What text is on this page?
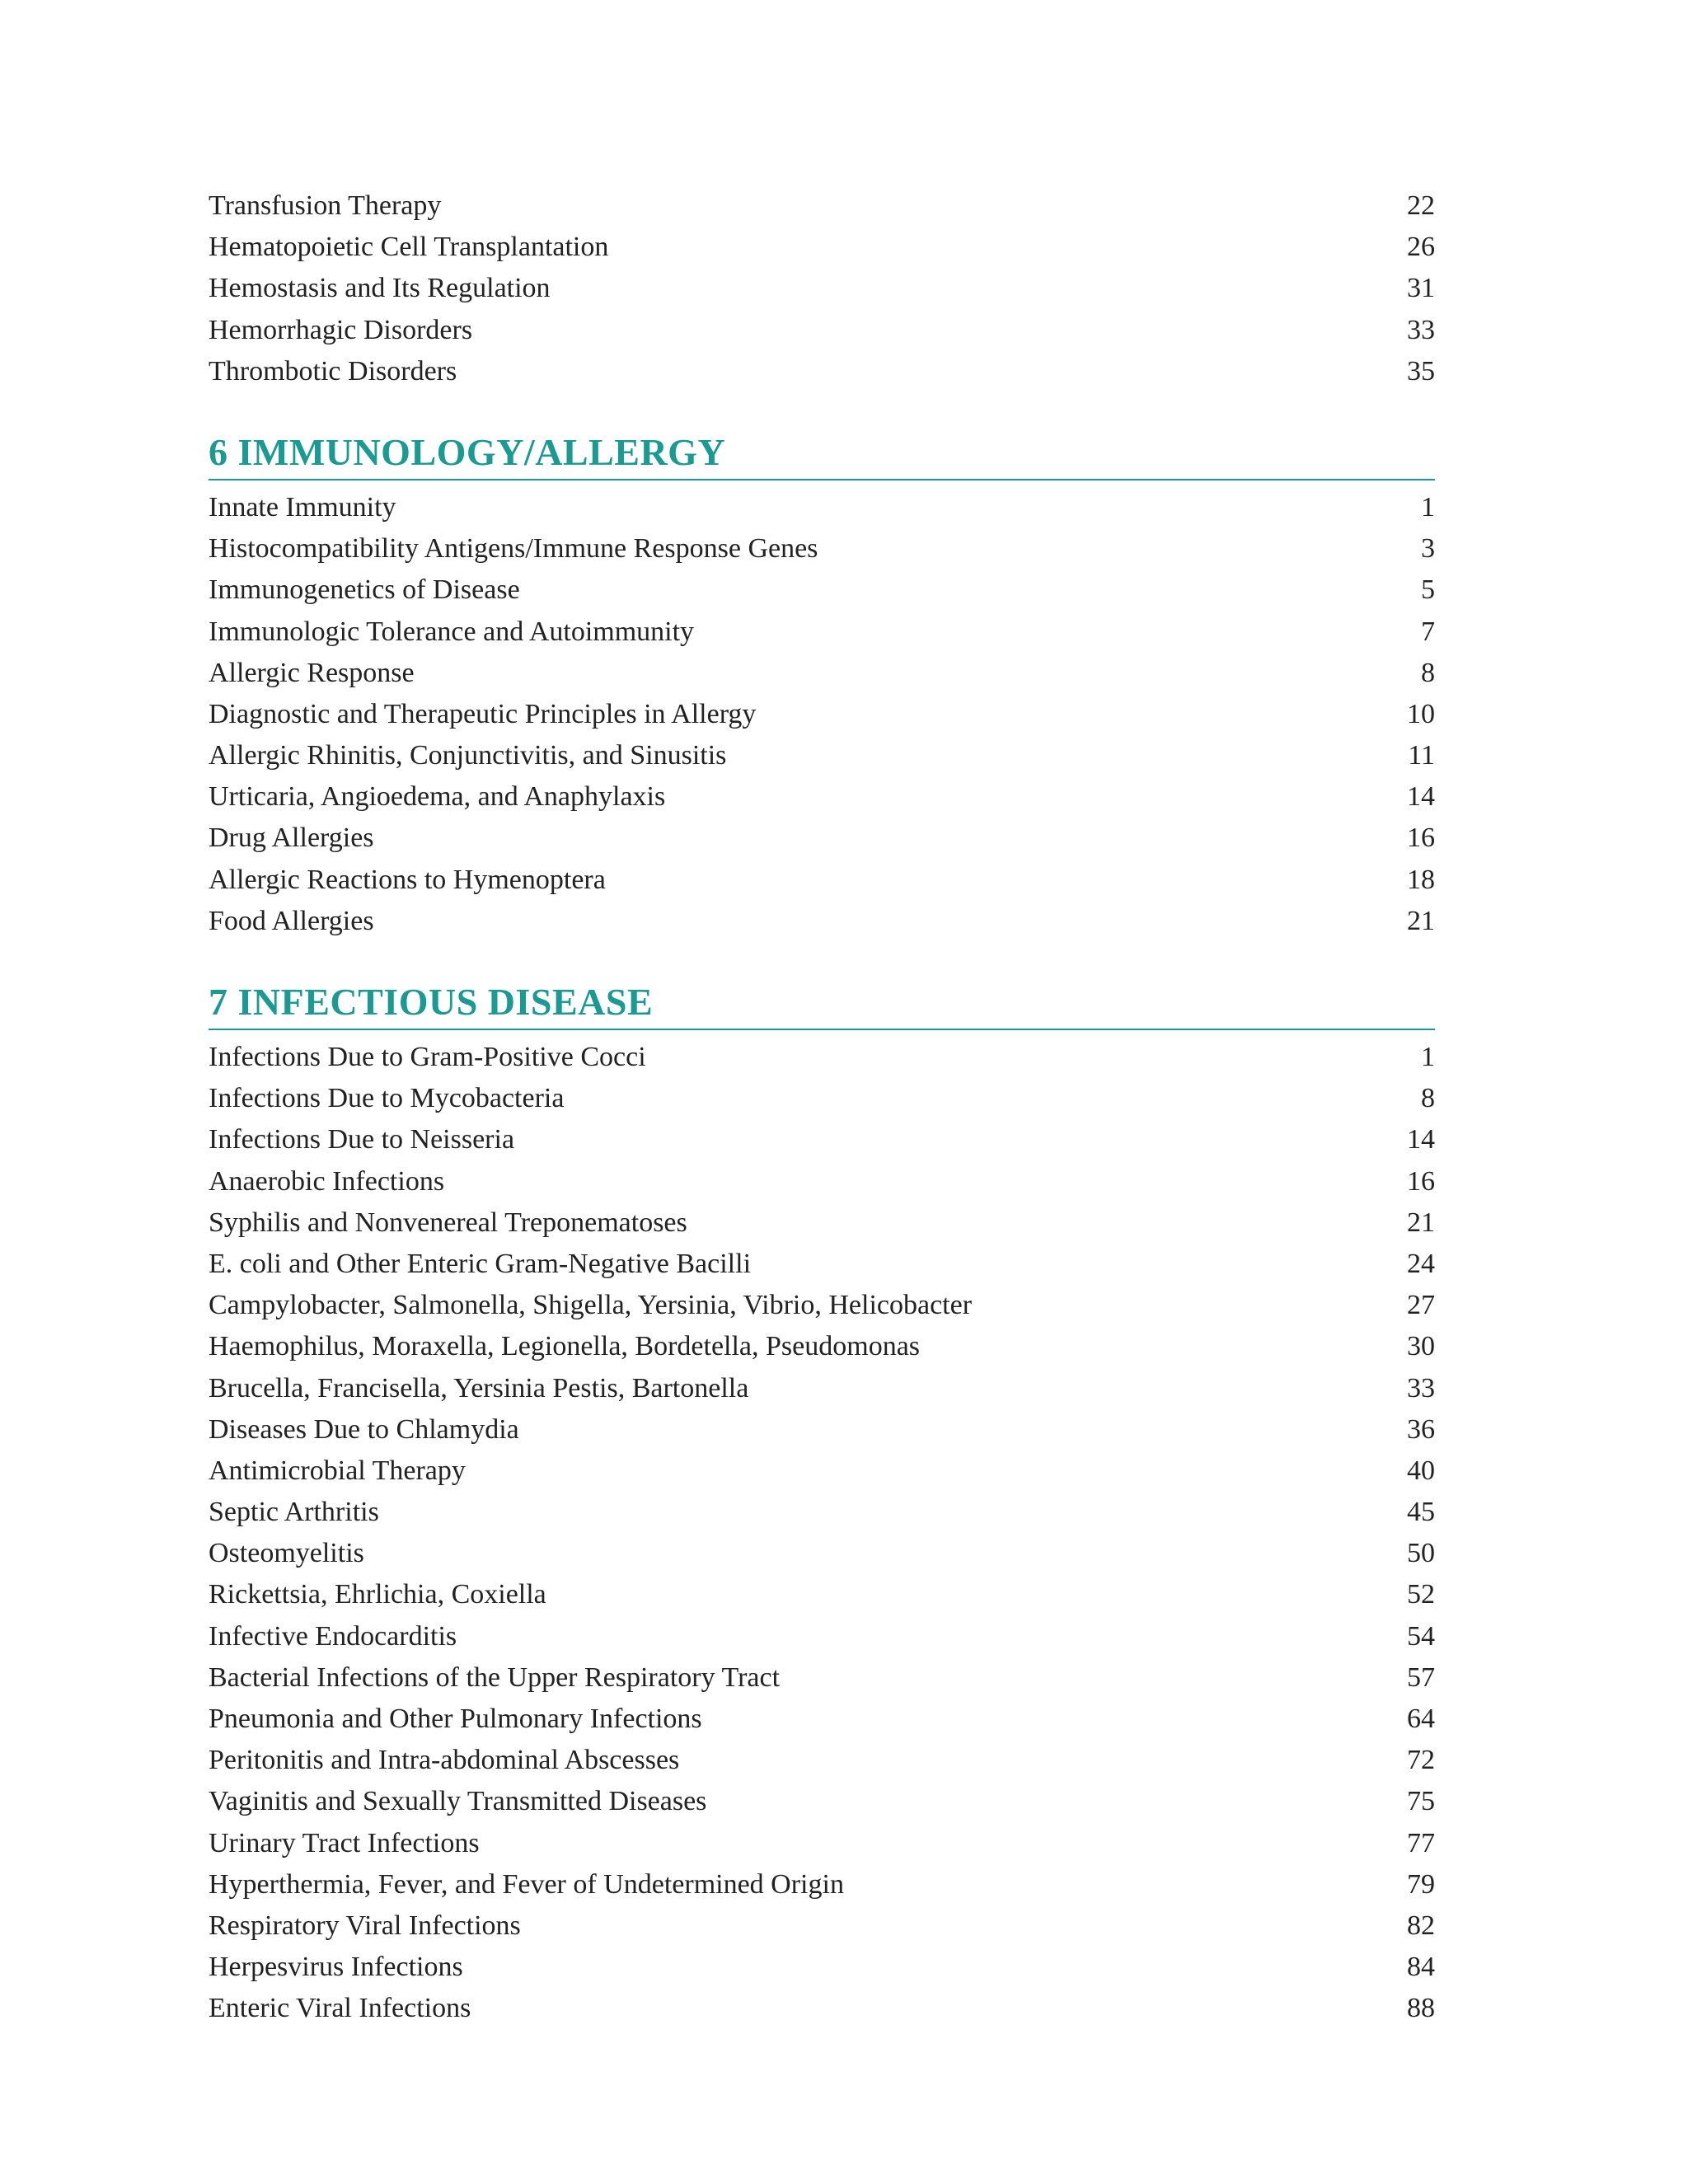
Transfusion Therapy	22
Hematopoietic Cell Transplantation	26
Hemostasis and Its Regulation	31
Hemorrhagic Disorders	33
Thrombotic Disorders	35
6 IMMUNOLOGY/ALLERGY
Innate Immunity	1
Histocompatibility Antigens/Immune Response Genes	3
Immunogenetics of Disease	5
Immunologic Tolerance and Autoimmunity	7
Allergic Response	8
Diagnostic and Therapeutic Principles in Allergy	10
Allergic Rhinitis, Conjunctivitis, and Sinusitis	11
Urticaria, Angioedema, and Anaphylaxis	14
Drug Allergies	16
Allergic Reactions to Hymenoptera	18
Food Allergies	21
7 INFECTIOUS DISEASE
Infections Due to Gram-Positive Cocci	1
Infections Due to Mycobacteria	8
Infections Due to Neisseria	14
Anaerobic Infections	16
Syphilis and Nonvenereal Treponematoses	21
E. coli and Other Enteric Gram-Negative Bacilli	24
Campylobacter, Salmonella, Shigella, Yersinia, Vibrio, Helicobacter	27
Haemophilus, Moraxella, Legionella, Bordetella, Pseudomonas	30
Brucella, Francisella, Yersinia Pestis, Bartonella	33
Diseases Due to Chlamydia	36
Antimicrobial Therapy	40
Septic Arthritis	45
Osteomyelitis	50
Rickettsia, Ehrlichia, Coxiella	52
Infective Endocarditis	54
Bacterial Infections of the Upper Respiratory Tract	57
Pneumonia and Other Pulmonary Infections	64
Peritonitis and Intra-abdominal Abscesses	72
Vaginitis and Sexually Transmitted Diseases	75
Urinary Tract Infections	77
Hyperthermia, Fever, and Fever of Undetermined Origin	79
Respiratory Viral Infections	82
Herpesvirus Infections	84
Enteric Viral Infections	88
